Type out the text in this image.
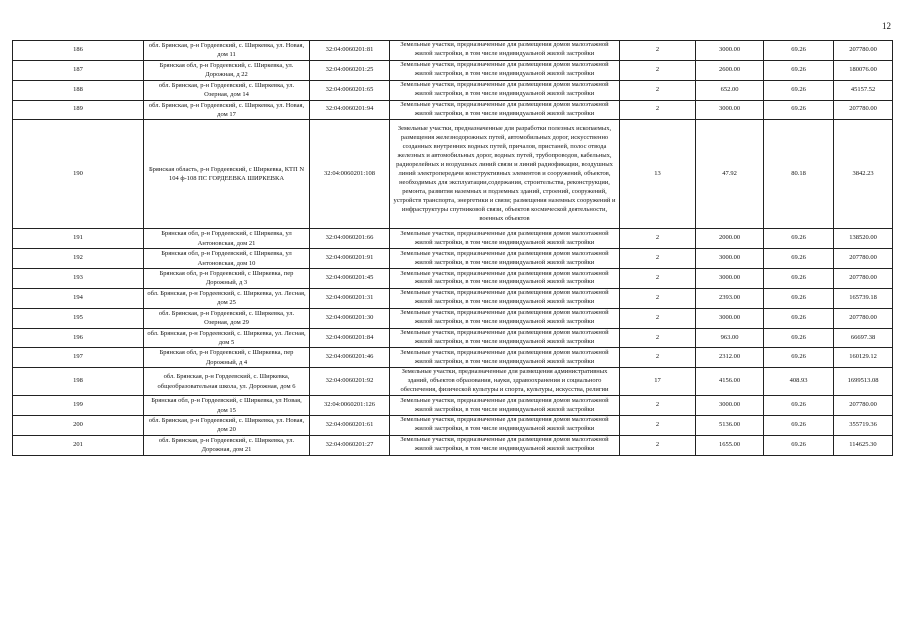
12
186	обл. Брянская, р-н Гордеевский, с. Ширкевка, ул. Новая, дом 11	32:04:0060201:81	Земельные участки, предназначенные для размещения домов малоэтажной жилой застройки, в том числе индивидуальной жилой застройки	2	3000.00	69.26	207780.00
187	Брянская обл, р-н Гордеевский, с. Ширкевка, ул. Дорожная, д 22	32:04:0060201:25	Земельные участки, предназначенные для размещения домов малоэтажной жилой застройки, в том числе индивидуальной жилой застройки	2	2600.00	69.26	180076.00
188	обл. Брянская, р-н Гордеевский, с. Ширкевка, ул. Озерная, дом 14	32:04:0060201:65	Земельные участки, предназначенные для размещения домов малоэтажной жилой застройки, в том числе индивидуальной жилой застройки	2	652.00	69.26	45157.52
189	обл. Брянская, р-н Гордеевский, с. Ширкевка, ул. Новая, дом 17	32:04:0060201:94	Земельные участки, предназначенные для размещения домов малоэтажной жилой застройки, в том числе индивидуальной жилой застройки	2	3000.00	69.26	207780.00
190	Брянская область, р-н Гордеевский, с Ширкевка, КТП N 104 ф-108 ПС ГОРДЕЕВКА ШИРКЕВКА	32:04:0060201:108	Земельные участки, предназначенные для разработки полезных ископаемых, размещения железнодорожных путей, автомобильных дорог, искусственно созданных внутренних водных путей, причалов, пристаней, полос отвода железных и автомобильных дорог, водных путей, трубопроводов, кабельных, радиорелейных и воздушных линий связи и линий радиофикации, воздушных линий электропередачи конструктивных элементов и сооружений, объектов, необходимых для эксплуатации,содержания, строительства, реконструкции, ремонта, развития наземных и подземных зданий, строений, сооружений, устройств транспорта, энергетики и связи; размещения наземных сооружений и инфраструктуры спутниковой связи, объектов космической деятельности, военных объектов	13	47.92	80.18	3842.23
191	Брянская обл, р-н Гордеевский, с Ширкевка, ул Антоновская, дом 21	32:04:0060201:66	Земельные участки, предназначенные для размещения домов малоэтажной жилой застройки, в том числе индивидуальной жилой застройки	2	2000.00	69.26	138520.00
192	Брянская обл, р-н Гордеевский, с Ширкевка, ул Антоновская, дом 10	32:04:0060201:91	Земельные участки, предназначенные для размещения домов малоэтажной жилой застройки, в том числе индивидуальной жилой застройки	2	3000.00	69.26	207780.00
193	Брянская обл, р-н Гордеевский, с Ширкевка, пер Дорожный, д 3	32:04:0060201:45	Земельные участки, предназначенные для размещения домов малоэтажной жилой застройки, в том числе индивидуальной жилой застройки	2	3000.00	69.26	207780.00
194	обл. Брянская, р-н Гордеевский, с. Ширкевка, ул. Лесная, дом 25	32:04:0060201:31	Земельные участки, предназначенные для размещения домов малоэтажной жилой застройки, в том числе индивидуальной жилой застройки	2	2393.00	69.26	165739.18
195	обл. Брянская, р-н Гордеевский, с. Ширкевка, ул. Озерная, дом 29	32:04:0060201:30	Земельные участки, предназначенные для размещения домов малоэтажной жилой застройки, в том числе индивидуальной жилой застройки	2	3000.00	69.26	207780.00
196	обл. Брянская, р-н Гордеевский, с. Ширкевка, ул. Лесная, дом 5	32:04:0060201:84	Земельные участки, предназначенные для размещения домов малоэтажной жилой застройки, в том числе индивидуальной жилой застройки	2	963.00	69.26	66697.38
197	Брянская обл, р-н Гордеевский, с Ширкевка, пер Дорожный, д 4	32:04:0060201:46	Земельные участки, предназначенные для размещения домов малоэтажной жилой застройки, в том числе индивидуальной жилой застройки	2	2312.00	69.26	160129.12
198	обл. Брянская, р-н Гордеевский, с. Ширкевка, общеобразовательная школа, ул. Дорожная, дом 6	32:04:0060201:92	Земельные участки, предназначенные для размещения административных зданий, объектов образования, науки, здравоохранения и социального обеспечения, физической культуры и спорта, культуры, искусства, религии	17	4156.00	408.93	1699513.08
199	Брянская обл, р-н Гордеевский, с Ширкевка, ул Новая, дом 15	32:04:0060201:126	Земельные участки, предназначенные для размещения домов малоэтажной жилой застройки, в том числе индивидуальной жилой застройки	2	3000.00	69.26	207780.00
200	обл. Брянская, р-н Гордеевский, с. Ширкевка, ул. Новая, дом 20	32:04:0060201:61	Земельные участки, предназначенные для размещения домов малоэтажной жилой застройки, в том числе индивидуальной жилой застройки	2	5136.00	69.26	355719.36
201	обл. Брянская, р-н Гордеевский, с. Ширкевка, ул. Дорожная, дом 21	32:04:0060201:27	Земельные участки, предназначенные для размещения домов малоэтажной жилой застройки, в том числе индивидуальной жилой застройки	2	1655.00	69.26	114625.30
